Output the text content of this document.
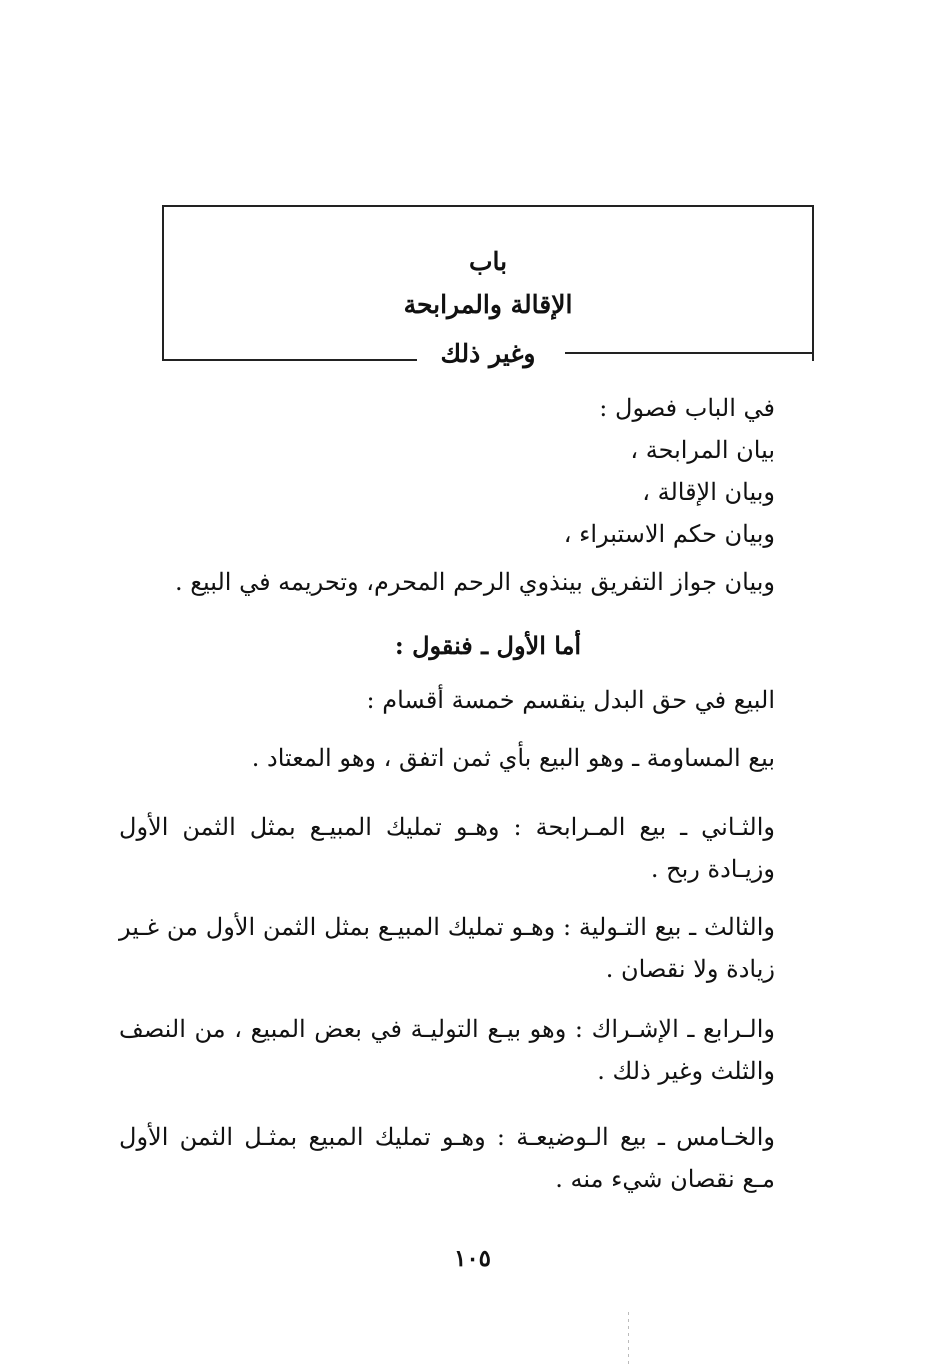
باب
الإقالة والمرابحة
وغير ذلك
في الباب فصول :
بيان المرابحة ،
وبيان الإقالة ،
وبيان حكم الاستبراء ،
وبيان جواز التفريق بينذوي الرحم المحرم، وتحريمه في البيع .
أما الأول ـ فنقول :
البيع في حق البدل ينقسم خمسة أقسام :
بيع المساومة ـ وهو البيع بأي ثمن اتفق ، وهو المعتاد .
والثـاني ـ بيع المـرابحة : وهـو تمليك المبيـع بمثل الثمن الأول وزيـادة ربح .
والثالث ـ بيع التـولية : وهـو تمليك المبيـع بمثل الثمن الأول من غـير زيادة ولا نقصان .
والـرابع ـ الإشـراك : وهو بيـع التوليـة في بعض المبيع ، من النصف والثلث وغير ذلك .
والخـامس ـ بيع الـوضيعـة : وهـو تمليك المبيع بمثـل الثمن الأول مـع نقصان شيء منه .
١٠٥
